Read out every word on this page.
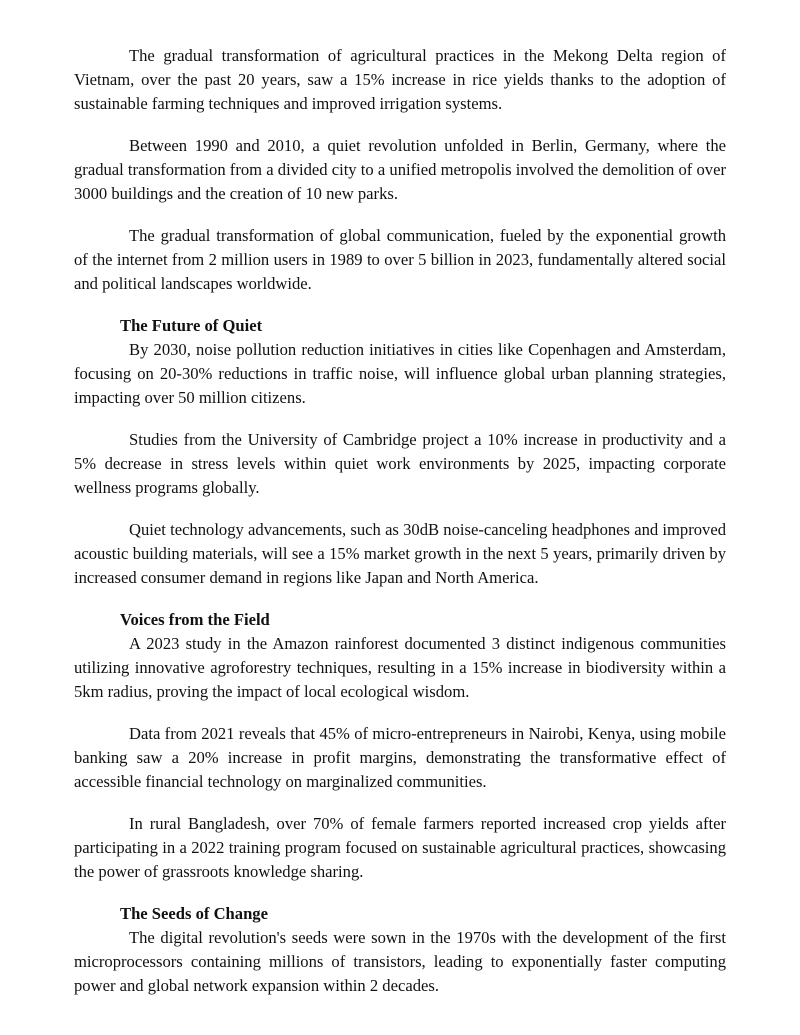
The gradual transformation of agricultural practices in the Mekong Delta region of Vietnam, over the past 20 years, saw a 15% increase in rice yields thanks to the adoption of sustainable farming techniques and improved irrigation systems.

Between 1990 and 2010, a quiet revolution unfolded in Berlin, Germany, where the gradual transformation from a divided city to a unified metropolis involved the demolition of over 3000 buildings and the creation of 10 new parks.

The gradual transformation of global communication, fueled by the exponential growth of the internet from 2 million users in 1989 to over 5 billion in 2023, fundamentally altered social and political landscapes worldwide.

The Future of Quiet

By 2030, noise pollution reduction initiatives in cities like Copenhagen and Amsterdam, focusing on 20-30% reductions in traffic noise, will influence global urban planning strategies, impacting over 50 million citizens.

Studies from the University of Cambridge project a 10% increase in productivity and a 5% decrease in stress levels within quiet work environments by 2025, impacting corporate wellness programs globally.

Quiet technology advancements, such as 30dB noise-canceling headphones and improved acoustic building materials, will see a 15% market growth in the next 5 years, primarily driven by increased consumer demand in regions like Japan and North America.

Voices from the Field

A 2023 study in the Amazon rainforest documented 3 distinct indigenous communities utilizing innovative agroforestry techniques, resulting in a 15% increase in biodiversity within a 5km radius, proving the impact of local ecological wisdom.

Data from 2021 reveals that 45% of micro-entrepreneurs in Nairobi, Kenya, using mobile banking saw a 20% increase in profit margins, demonstrating the transformative effect of accessible financial technology on marginalized communities.

In rural Bangladesh, over 70% of female farmers reported increased crop yields after participating in a 2022 training program focused on sustainable agricultural practices, showcasing the power of grassroots knowledge sharing.

The Seeds of Change

The digital revolution's seeds were sown in the 1970s with the development of the first microprocessors containing millions of transistors, leading to exponentially faster computing power and global network expansion within 2 decades.
